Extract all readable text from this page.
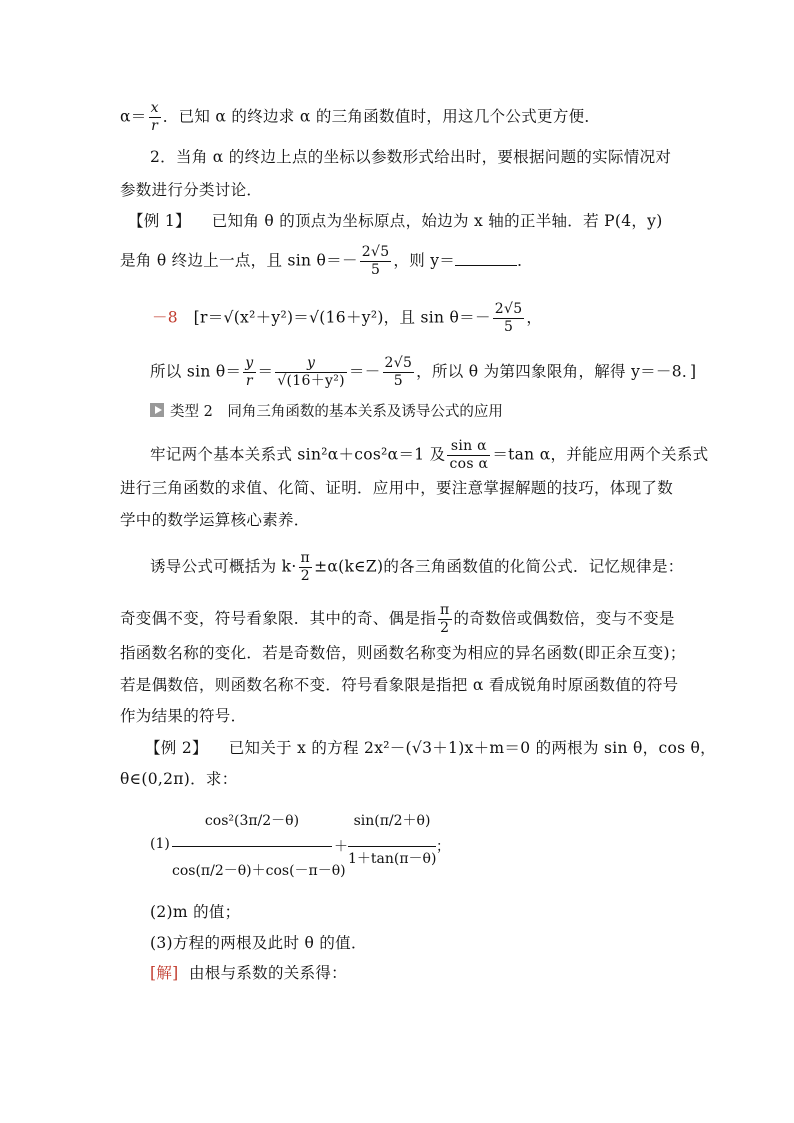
$\alpha= \frac{x}{r}$ ．已知 α 的终边求 α 的三角函数值时，用这几个公式更方便．
2．当角 α 的终边上点的坐标以参数形式给出时，要根据问题的实际情况对
参数进行分类讨论．
【例 1】 已知角 θ 的顶点为坐标原点，始边为 x 轴的正半轴．若 P(4，y)
是角 θ 终边上一点，且 $\sin \theta=- \frac{2√5}{5}$ ，则 y＝	．
－8 [r＝√(x²＋y²)＝√(16＋y²)，且 $\sin \theta=- \frac{2√5}{5}$ ，
所以 $\sin \theta= \frac{y}{r} = \frac{y}{\text{√(16＋y²)}} =- \frac{2√5}{5}$ ，所以 θ 为第四象限角，解得 y＝－8．]
类型 2　同角三角函数的基本关系及诱导公式的应用
牢记两个基本关系式 sin²α＋cos²α＝1 及 $\frac{\text{sin α}}{\text{cos α}} =\tan$ α，并能应用两个关系式
进行三角函数的求值、化简、证明．应用中，要注意掌握解题的技巧，体现了数
学中的数学运算核心素养．
诱导公式可概括为 $k\cdot \frac{\pi}{2}$ ±α(k∈Z)的各三角函数值的化简公式．记忆规律是：
奇变偶不变，符号看象限．其中的奇、偶是指 $\frac{\pi}{2}$ 的奇数倍或偶数倍，变与不变是
指函数名称的变化．若是奇数倍，则函数名称变为相应的异名函数(即正余互变)；
若是偶数倍，则函数名称不变．符号看象限是指把 α 看成锐角时原函数值的符号
作为结果的符号．
【例 2】 已知关于 x 的方程 2x²－(√3＋1)x＋m＝0 的两根为 sin θ，cos θ，
θ∈(0,2π)．求：
(1)
cos²(3π/2－θ)
cos(π/2－θ)＋cos(－π－θ)
＋
sin(π/2＋θ)
1＋tan(π－θ)
；
(2)m 的值；
(3)方程的两根及此时 θ 的值．
[解] 由根与系数的关系得：
